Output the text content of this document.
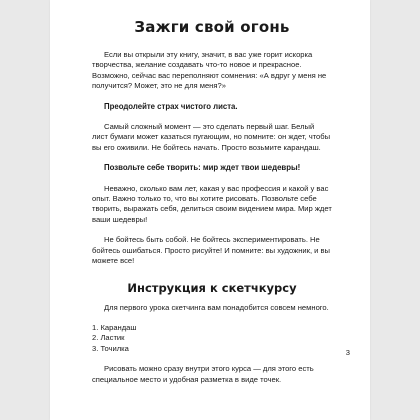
Зажги свой огонь

Если вы открыли эту книгу, значит, в вас уже горит искорка творчества, желание создавать что-то новое и прекрасное. Возможно, сейчас вас переполняют сомнения: «А вдруг у меня не получится? Может, это не для меня?»

Преодолейте страх чистого листа.

Самый сложный момент — это сделать первый шаг. Белый лист бумаги может казаться пугающим, но помните: он ждет, чтобы вы его оживили. Не бойтесь начать. Просто возьмите карандаш.

Позвольте себе творить: мир ждет твои шедевры!

Неважно, сколько вам лет, какая у вас профессия и какой у вас опыт. Важно только то, что вы хотите рисовать. Позвольте себе творить, выражать себя, делиться своим видением мира. Мир ждет ваши шедевры!

Не бойтесь быть собой. Не бойтесь экспериментировать. Не бойтесь ошибаться. Просто рисуйте! И помните: вы художник, и вы можете все!

Инструкция к скетчкурсу

Для первого урока скетчинга вам понадобится совсем немного.

1. Карандаш
2. Ластик
3. Точилка

Рисовать можно сразу внутри этого курса — для этого есть специальное место и удобная разметка в виде точек.

3
